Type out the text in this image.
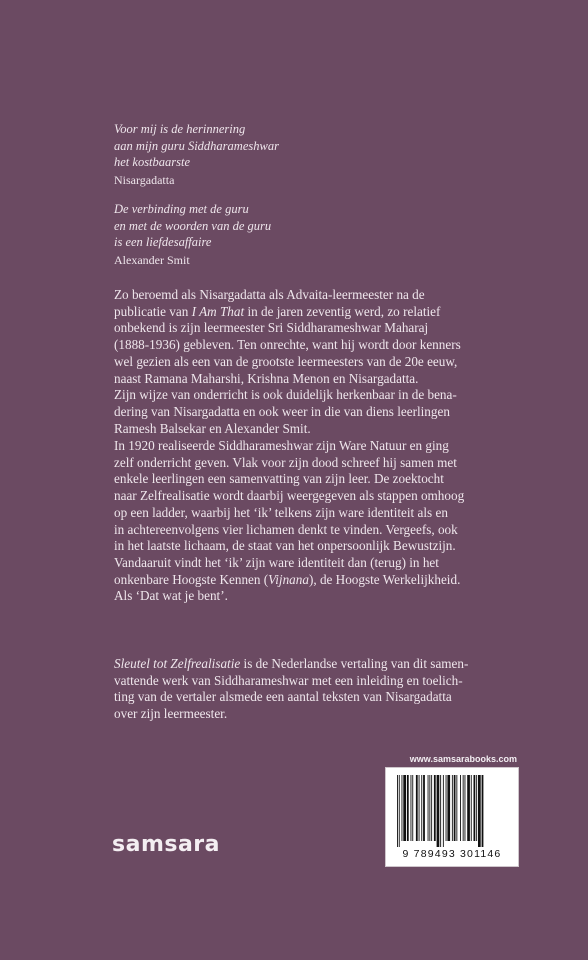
Voor mij is de herinnering
aan mijn guru Siddharameshwar
het kostbaarste
Nisargadatta
De verbinding met de guru
en met de woorden van de guru
is een liefdesaffaire
Alexander Smit
Zo beroemd als Nisargadatta als Advaita-leermeester na de
publicatie van I Am That in de jaren zeventig werd, zo relatief
onbekend is zijn leermeester Sri Siddharameshwar Maharaj
(1888-1936) gebleven. Ten onrechte, want hij wordt door kenners
wel gezien als een van de grootste leermeesters van de 20e eeuw,
naast Ramana Maharshi, Krishna Menon en Nisargadatta.
Zijn wijze van onderricht is ook duidelijk herkenbaar in de bena-
dering van Nisargadatta en ook weer in die van diens leerlingen
Ramesh Balsekar en Alexander Smit.
In 1920 realiseerde Siddharameshwar zijn Ware Natuur en ging
zelf onderricht geven. Vlak voor zijn dood schreef hij samen met
enkele leerlingen een samenvatting van zijn leer. De zoektocht
naar Zelfrealisatie wordt daarbij weergegeven als stappen omhoog
op een ladder, waarbij het ‘ik’ telkens zijn ware identiteit als en
in achtereenvolgens vier lichamen denkt te vinden. Vergeefs, ook
in het laatste lichaam, de staat van het onpersoonlijk Bewustzijn.
Vandaaruit vindt het ‘ik’ zijn ware identiteit dan (terug) in het
onkenbare Hoogste Kennen (Vijnana), de Hoogste Werkelijkheid.
Als ‘Dat wat je bent’.
Sleutel tot Zelfrealisatie is de Nederlandse vertaling van dit samen-
vattende werk van Siddharameshwar met een inleiding en toelich-
ting van de vertaler alsmede een aantal teksten van Nisargadatta
over zijn leermeester.
www.samsarabooks.com
9 789493 301146
samsara
